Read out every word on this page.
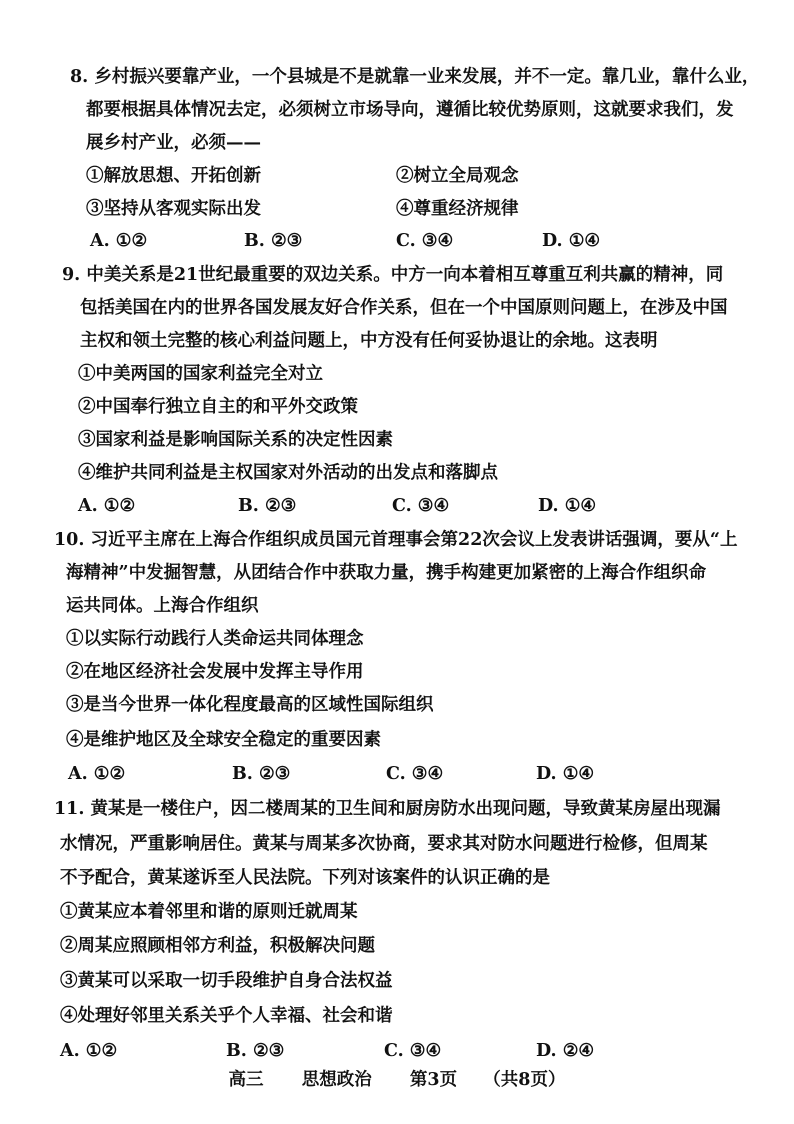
8. 乡村振兴要靠产业，一个县城是不是就靠一业来发展，并不一定。靠几业，靠什么业，
都要根据具体情况去定，必须树立市场导向，遵循比较优势原则，这就要求我们，发
展乡村产业，必须——
①解放思想、开拓创新	②树立全局观念
③坚持从客观实际出发	④尊重经济规律
A. ①②	B. ②③	C. ③④	D. ①④
9. 中美关系是21世纪最重要的双边关系。中方一向本着相互尊重互利共赢的精神，同
包括美国在内的世界各国发展友好合作关系，但在一个中国原则问题上，在涉及中国
主权和领土完整的核心利益问题上，中方没有任何妥协退让的余地。这表明
①中美两国的国家利益完全对立
②中国奉行独立自主的和平外交政策
③国家利益是影响国际关系的决定性因素
④维护共同利益是主权国家对外活动的出发点和落脚点
A. ①②	B. ②③	C. ③④	D. ①④
10. 习近平主席在上海合作组织成员国元首理事会第22次会议上发表讲话强调，要从“上
海精神”中发掘智慧，从团结合作中获取力量，携手构建更加紧密的上海合作组织命
运共同体。上海合作组织
①以实际行动践行人类命运共同体理念
②在地区经济社会发展中发挥主导作用
③是当今世界一体化程度最高的区域性国际组织
④是维护地区及全球安全稳定的重要因素
A. ①②	B. ②③	C. ③④	D. ①④
11. 黄某是一楼住户，因二楼周某的卫生间和厨房防水出现问题，导致黄某房屋出现漏
水情况，严重影响居住。黄某与周某多次协商，要求其对防水问题进行检修，但周某
不予配合，黄某遂诉至人民法院。下列对该案件的认识正确的是
①黄某应本着邻里和谐的原则迁就周某
②周某应照顾相邻方利益，积极解决问题
③黄某可以采取一切手段维护自身合法权益
④处理好邻里关系关乎个人幸福、社会和谐
A. ①②	B. ②③	C. ③④	D. ②④
高三 思想政治 第3页 （共8页）
